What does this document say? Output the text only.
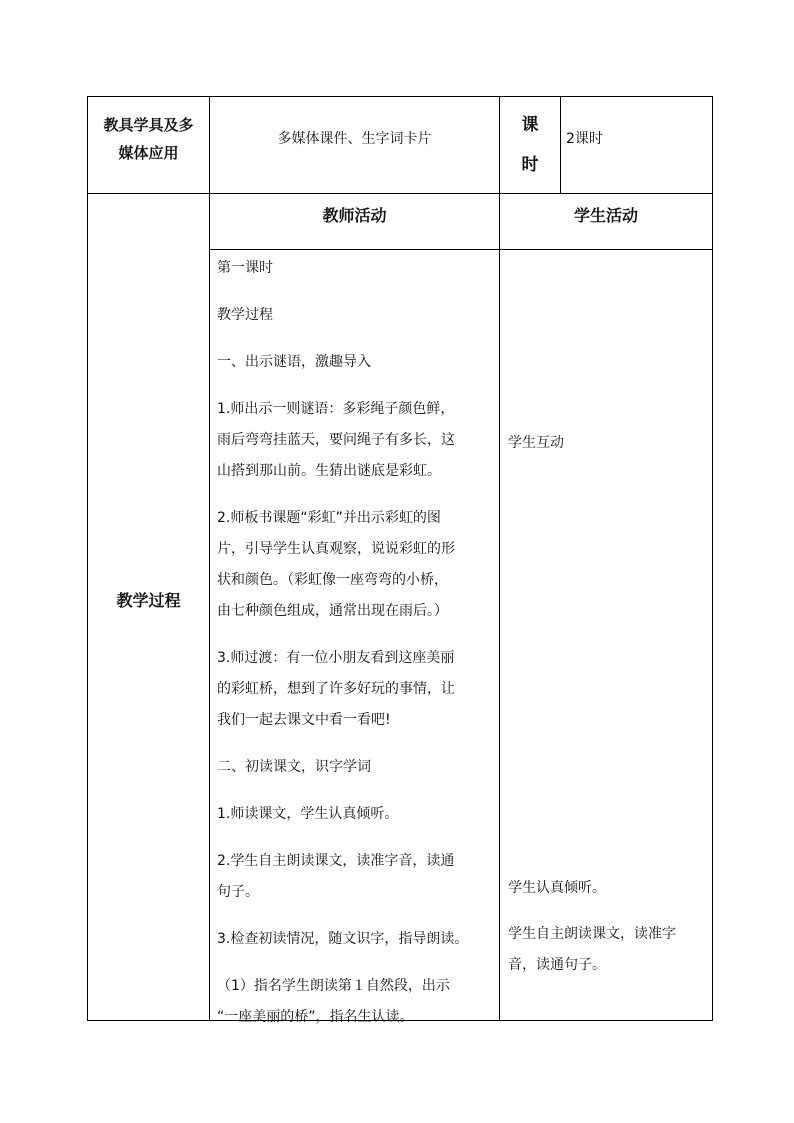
教具学具及多
媒体应用
多媒体课件、生字词卡片
课
时
2课时
教学过程
教师活动	学生活动

第一课时

教学过程

一、出示谜语，激趣导入

1.师出示一则谜语：多彩绳子颜色鲜，

雨后弯弯挂蓝天，要问绳子有多长，这

山搭到那山前。生猜出谜底是彩虹。

2.师板书课题“彩虹”并出示彩虹的图

片，引导学生认真观察，说说彩虹的形

状和颜色。（彩虹像一座弯弯的小桥，

由七种颜色组成，通常出现在雨后。）

3.师过渡：有一位小朋友看到这座美丽

的彩虹桥，想到了许多好玩的事情，让

我们一起去课文中看一看吧!

二、初读课文，识字学词

1.师读课文，学生认真倾听。

2.学生自主朗读课文，读准字音，读通

句子。

3.检查初读情况，随文识字，指导朗读。

（1）指名学生朗读第１自然段，出示

“一座美丽的桥”，指名生认读。

学生互动
学生认真倾听。

学生自主朗读课文，读准字

音，读通句子。
